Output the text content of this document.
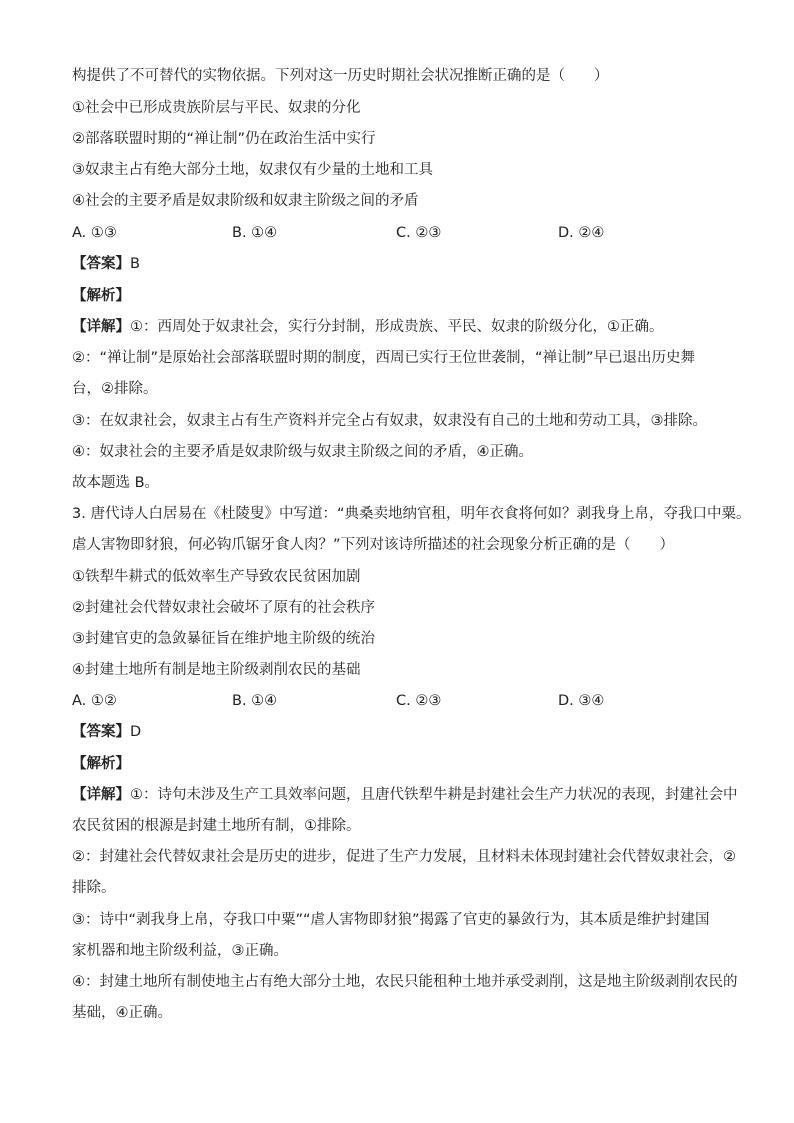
构提供了不可替代的实物依据。下列对这一历史时期社会状况推断正确的是（　　）
①社会中已形成贵族阶层与平民、奴隶的分化
②部落联盟时期的“禅让制”仍在政治生活中实行
③奴隶主占有绝大部分土地，奴隶仅有少量的土地和工具
④社会的主要矛盾是奴隶阶级和奴隶主阶级之间的矛盾
A. ①③	B. ①④	C. ②③	D. ②④
【答案】B
【解析】
【详解】①：西周处于奴隶社会，实行分封制，形成贵族、平民、奴隶的阶级分化，①正确。
②：“禅让制”是原始社会部落联盟时期的制度，西周已实行王位世袭制，“禅让制”早已退出历史舞
台，②排除。
③：在奴隶社会，奴隶主占有生产资料并完全占有奴隶，奴隶没有自己的土地和劳动工具，③排除。
④：奴隶社会的主要矛盾是奴隶阶级与奴隶主阶级之间的矛盾，④正确。
故本题选 B。
3. 唐代诗人白居易在《杜陵叟》中写道：“典桑卖地纳官租，明年衣食将何如？剥我身上帛，夺我口中粟。
虐人害物即豺狼，何必钩爪锯牙食人肉？”下列对该诗所描述的社会现象分析正确的是（　　）
①铁犁牛耕式的低效率生产导致农民贫困加剧
②封建社会代替奴隶社会破坏了原有的社会秩序
③封建官吏的急敛暴征旨在维护地主阶级的统治
④封建土地所有制是地主阶级剥削农民的基础
A. ①②	B. ①④	C. ②③	D. ③④
【答案】D
【解析】
【详解】①：诗句未涉及生产工具效率问题，且唐代铁犁牛耕是封建社会生产力状况的表现，封建社会中
农民贫困的根源是封建土地所有制，①排除。
②：封建社会代替奴隶社会是历史的进步，促进了生产力发展，且材料未体现封建社会代替奴隶社会，②
排除。
③：诗中“剥我身上帛，夺我口中粟”“虐人害物即豺狼”揭露了官吏的暴敛行为，其本质是维护封建国
家机器和地主阶级利益，③正确。
④：封建土地所有制使地主占有绝大部分土地，农民只能租种土地并承受剥削，这是地主阶级剥削农民的
基础，④正确。
